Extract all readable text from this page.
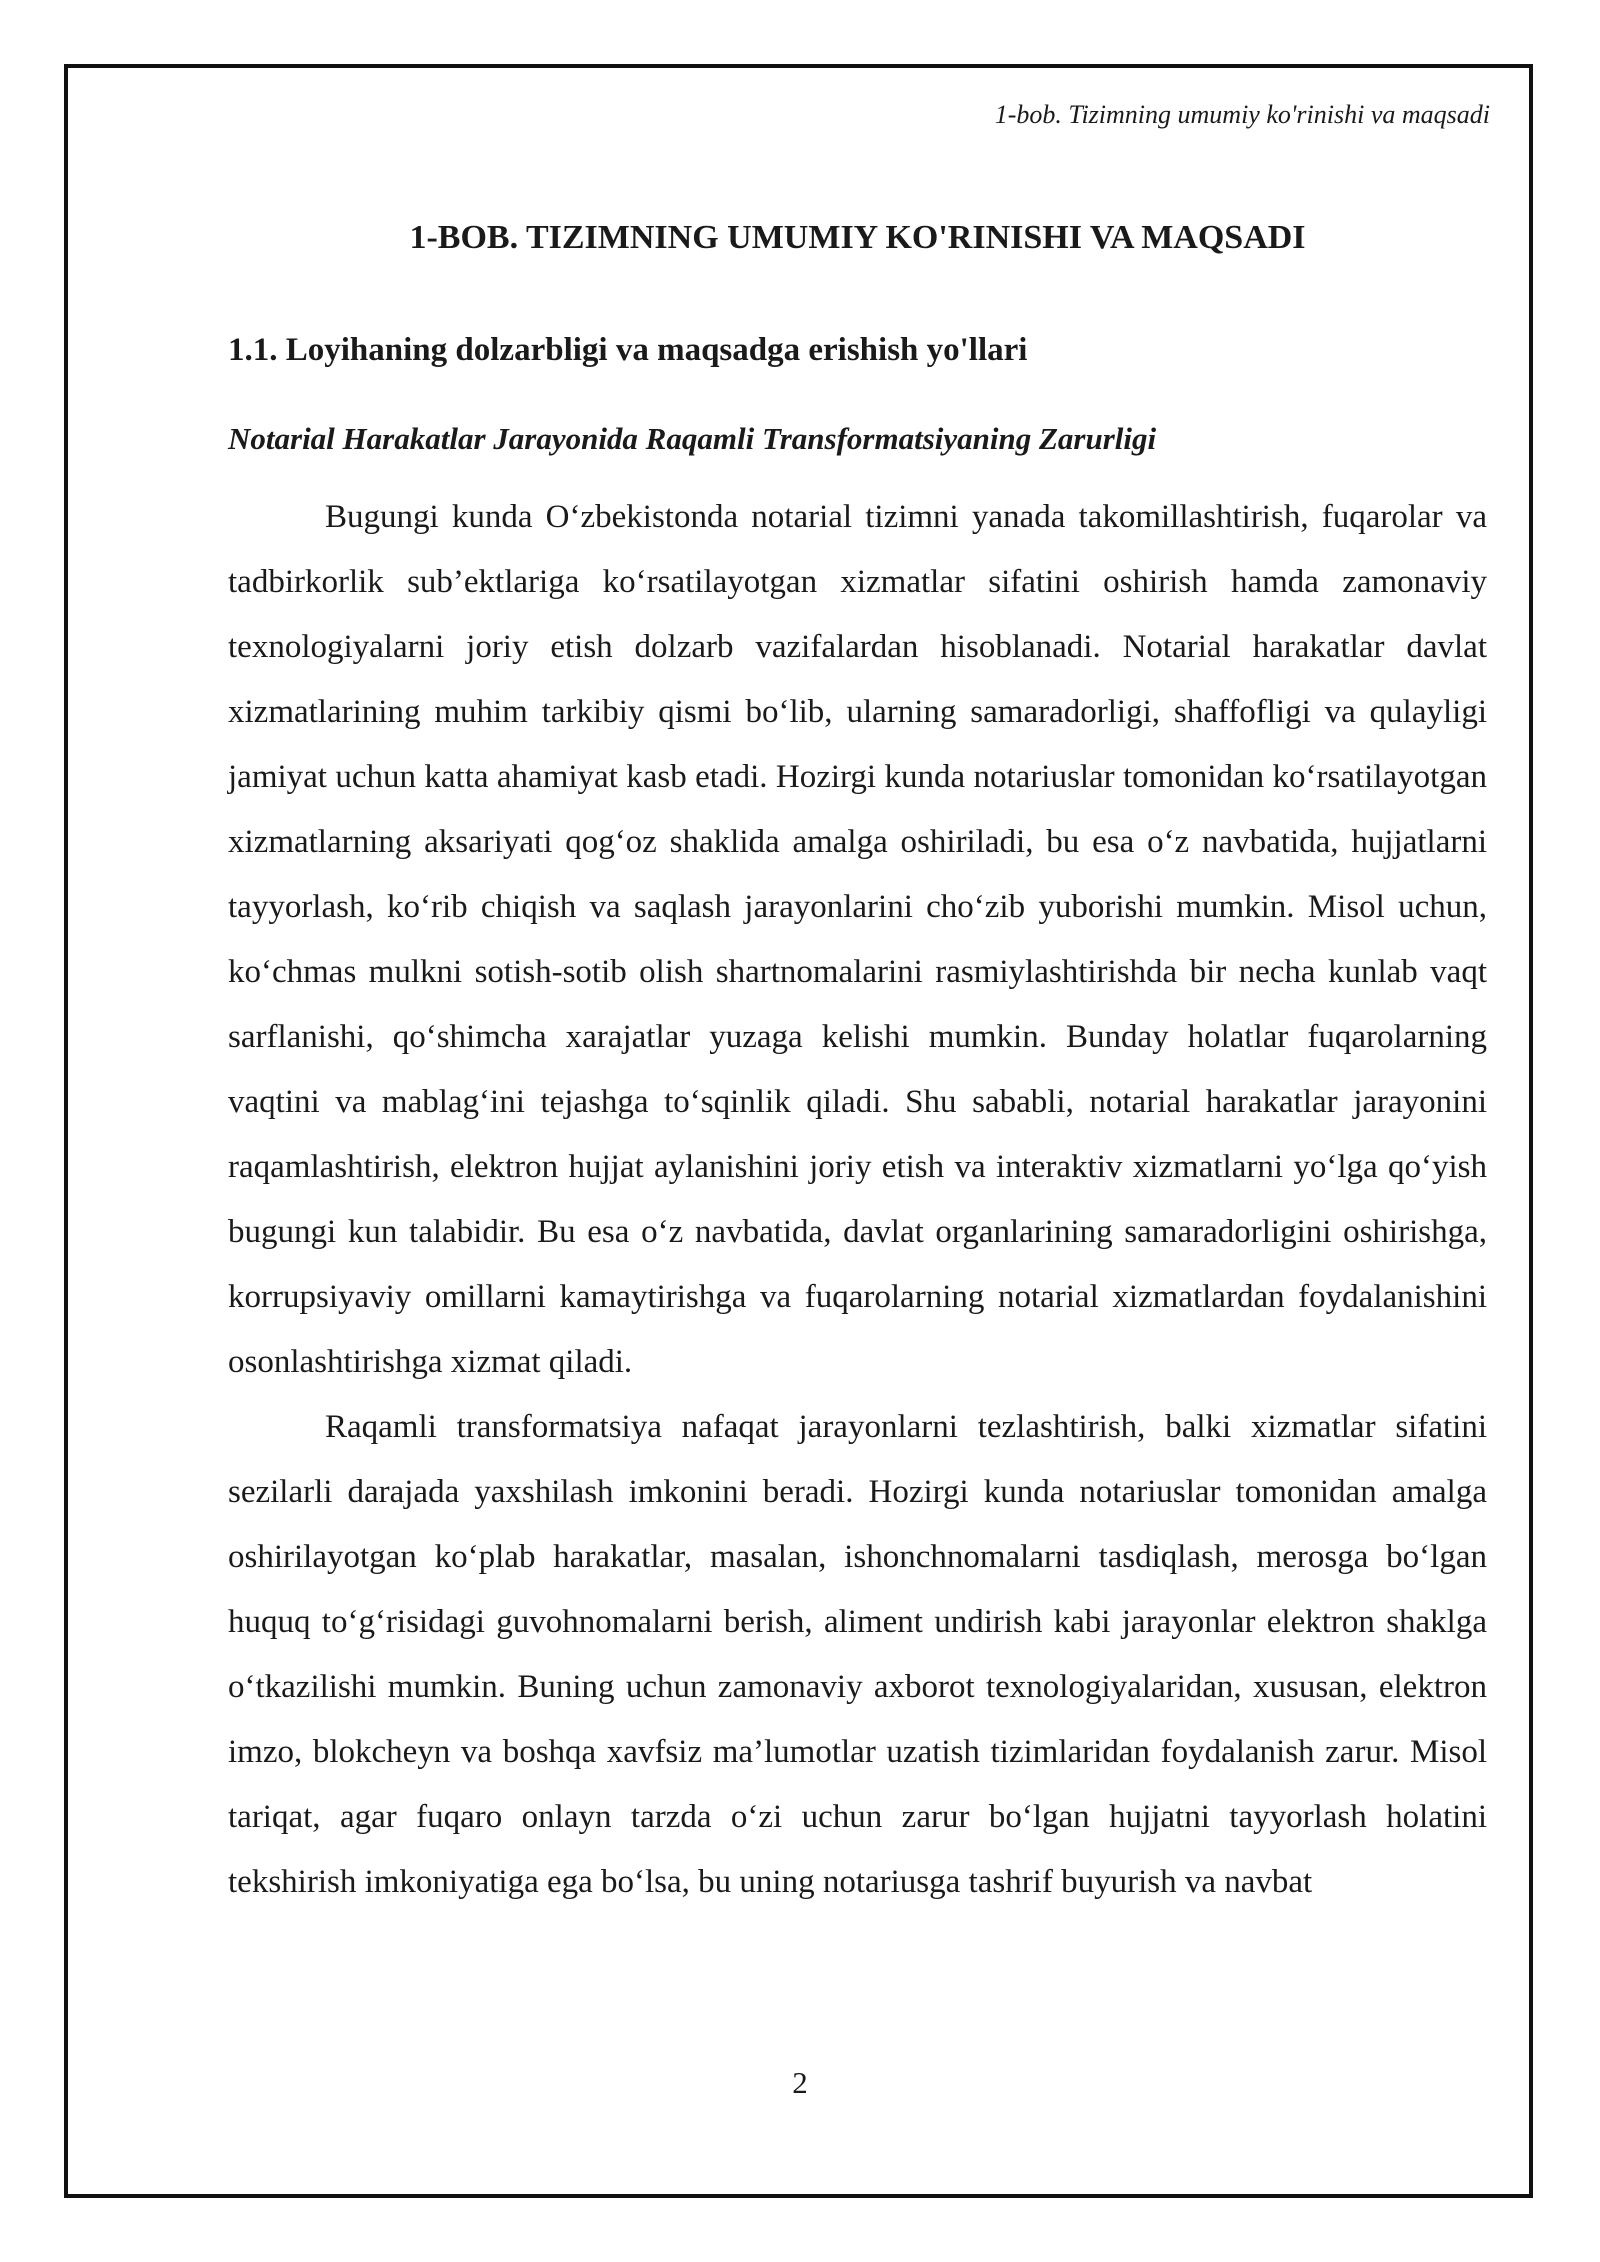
1-bob. Tizimning umumiy ko'rinishi va maqsadi
1-BOB. TIZIMNING UMUMIY KO'RINISHI VA MAQSADI
1.1. Loyihaning dolzarbligi va maqsadga erishish yo'llari
Notarial Harakatlar Jarayonida Raqamli Transformatsiyaning Zarurligi

Bugungi kunda O‘zbekistonda notarial tizimni yanada takomillashtirish, fuqarolar va tadbirkorlik sub’ektlariga ko‘rsatilayotgan xizmatlar sifatini oshirish hamda zamonaviy texnologiyalarni joriy etish dolzarb vazifalardan hisoblanadi. Notarial harakatlar davlat xizmatlarining muhim tarkibiy qismi bo‘lib, ularning samaradorligi, shaffofligi va qulayligi jamiyat uchun katta ahamiyat kasb etadi. Hozirgi kunda notariuslar tomonidan ko‘rsatilayotgan xizmatlarning aksariyati qog‘oz shaklida amalga oshiriladi, bu esa o‘z navbatida, hujjatlarni tayyorlash, ko‘rib chiqish va saqlash jarayonlarini cho‘zib yuborishi mumkin. Misol uchun, ko‘chmas mulkni sotish-sotib olish shartnomalarini rasmiylashtirishda bir necha kunlab vaqt sarflanishi, qo‘shimcha xarajatlar yuzaga kelishi mumkin. Bunday holatlar fuqarolarning vaqtini va mablag‘ini tejashga to‘sqinlik qiladi. Shu sababli, notarial harakatlar jarayonini raqamlashtirish, elektron hujjat aylanishini joriy etish va interaktiv xizmatlarni yo‘lga qo‘yish bugungi kun talabidir. Bu esa o‘z navbatida, davlat organlarining samaradorligini oshirishga, korrupsiyaviy omillarni kamaytirishga va fuqarolarning notarial xizmatlardan foydalanishini osonlashtirishga xizmat qiladi.

Raqamli transformatsiya nafaqat jarayonlarni tezlashtirish, balki xizmatlar sifatini sezilarli darajada yaxshilash imkonini beradi. Hozirgi kunda notariuslar tomonidan amalga oshirilayotgan ko‘plab harakatlar, masalan, ishonchnomalarni tasdiqlash, merosga bo‘lgan huquq to‘g‘risidagi guvohnomalarni berish, aliment undirish kabi jarayonlar elektron shaklga o‘tkazilishi mumkin. Buning uchun zamonaviy axborot texnologiyalaridan, xususan, elektron imzo, blokcheyn va boshqa xavfsiz ma’lumotlar uzatish tizimlaridan foydalanish zarur. Misol tariqat, agar fuqaro onlayn tarzda o‘zi uchun zarur bo‘lgan hujjatni tayyorlash holatini tekshirish imkoniyatiga ega bo‘lsa, bu uning notariusga tashrif buyurish va navbat

2
